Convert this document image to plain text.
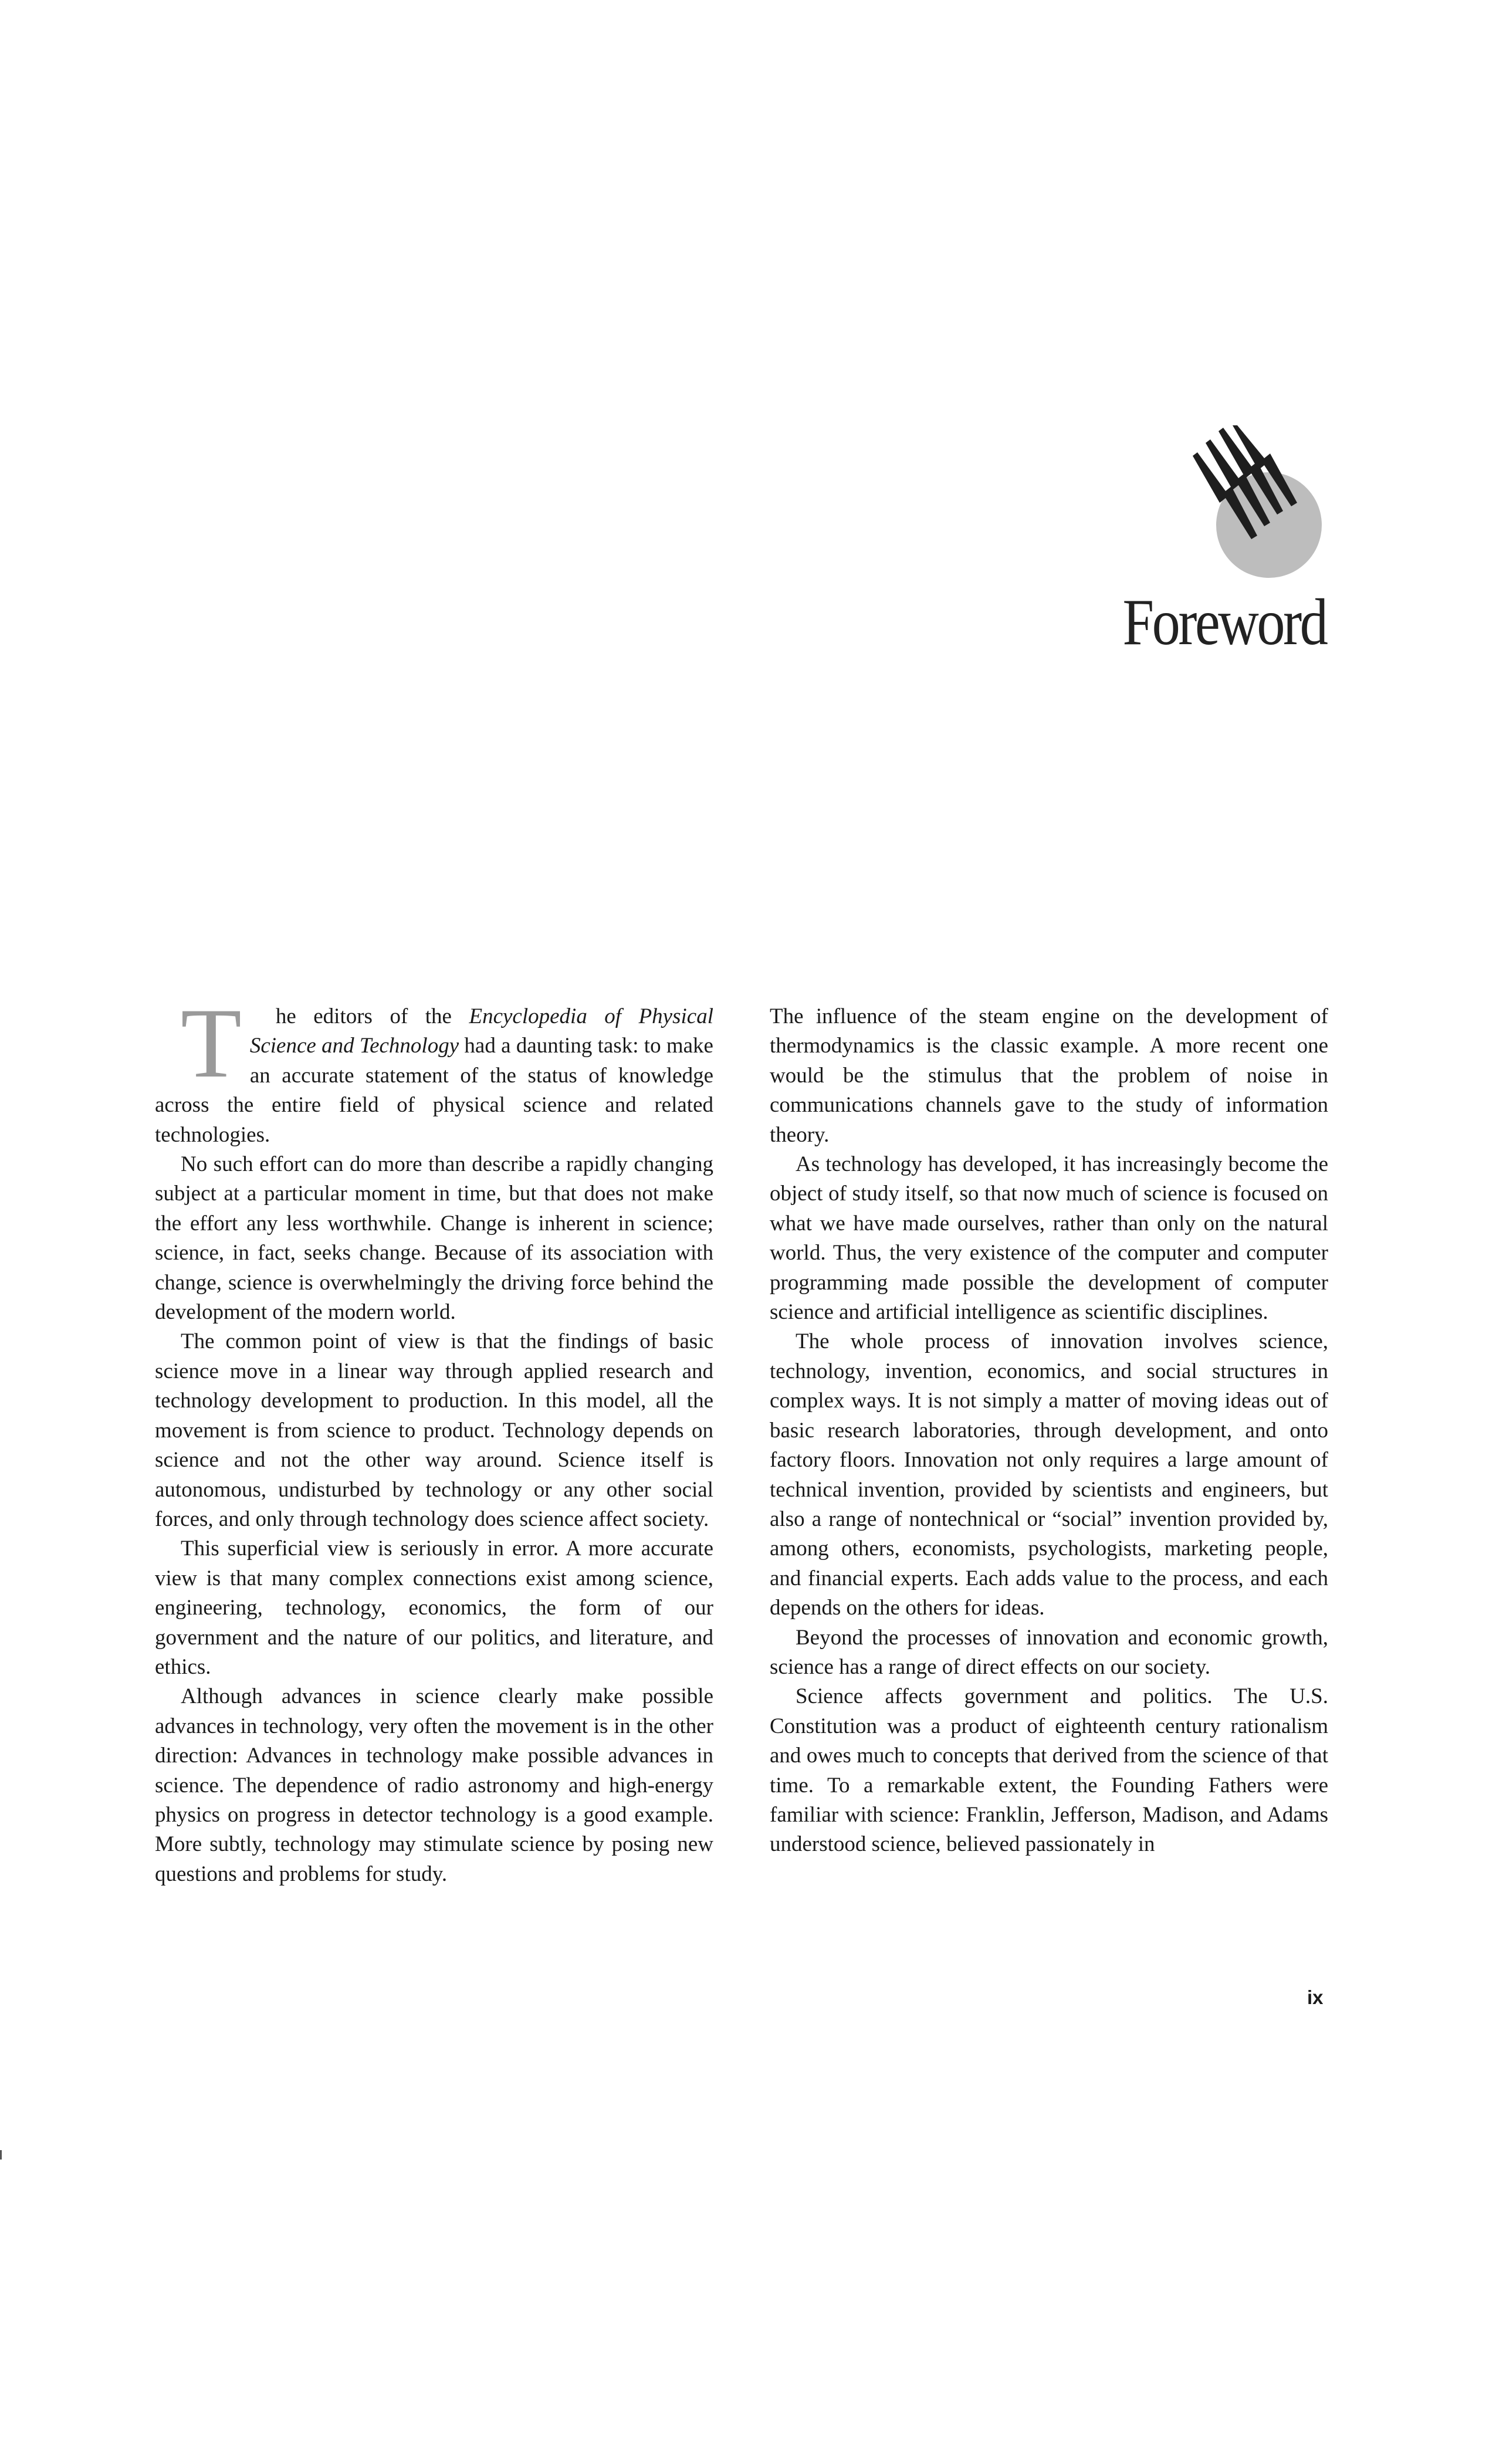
Foreword

T he editors of the Encyclopedia of Physical Science and Technology had a daunting task: to make an accurate statement of the status of knowledge across the entire field of physical science and related technologies.

No such effort can do more than describe a rapidly changing subject at a particular moment in time, but that does not make the effort any less worthwhile. Change is inherent in science; science, in fact, seeks change. Because of its association with change, science is overwhelmingly the driving force behind the development of the modern world.

The common point of view is that the findings of basic science move in a linear way through applied research and technology development to production. In this model, all the movement is from science to product. Technology depends on science and not the other way around. Science itself is autonomous, undisturbed by technology or any other social forces, and only through technology does science affect society.

This superficial view is seriously in error. A more accurate view is that many complex connections exist among science, engineering, technology, economics, the form of our government and the nature of our politics, and literature, and ethics.

Although advances in science clearly make possible advances in technology, very often the movement is in the other direction: Advances in technology make possible advances in science. The dependence of radio astronomy and high-energy physics on progress in detector technology is a good example. More subtly, technology may stimulate science by posing new questions and problems for study.

The influence of the steam engine on the development of thermodynamics is the classic example. A more recent one would be the stimulus that the problem of noise in communications channels gave to the study of information theory.

As technology has developed, it has increasingly become the object of study itself, so that now much of science is focused on what we have made ourselves, rather than only on the natural world. Thus, the very existence of the computer and computer programming made possible the development of computer science and artificial intelligence as scientific disciplines.

The whole process of innovation involves science, technology, invention, economics, and social structures in complex ways. It is not simply a matter of moving ideas out of basic research laboratories, through development, and onto factory floors. Innovation not only requires a large amount of technical invention, provided by scientists and engineers, but also a range of nontechnical or “social” invention provided by, among others, economists, psychologists, marketing people, and financial experts. Each adds value to the process, and each depends on the others for ideas.

Beyond the processes of innovation and economic growth, science has a range of direct effects on our society.

Science affects government and politics. The U.S. Constitution was a product of eighteenth century rationalism and owes much to concepts that derived from the science of that time. To a remarkable extent, the Founding Fathers were familiar with science: Franklin, Jefferson, Madison, and Adams understood science, believed passionately in

ix
